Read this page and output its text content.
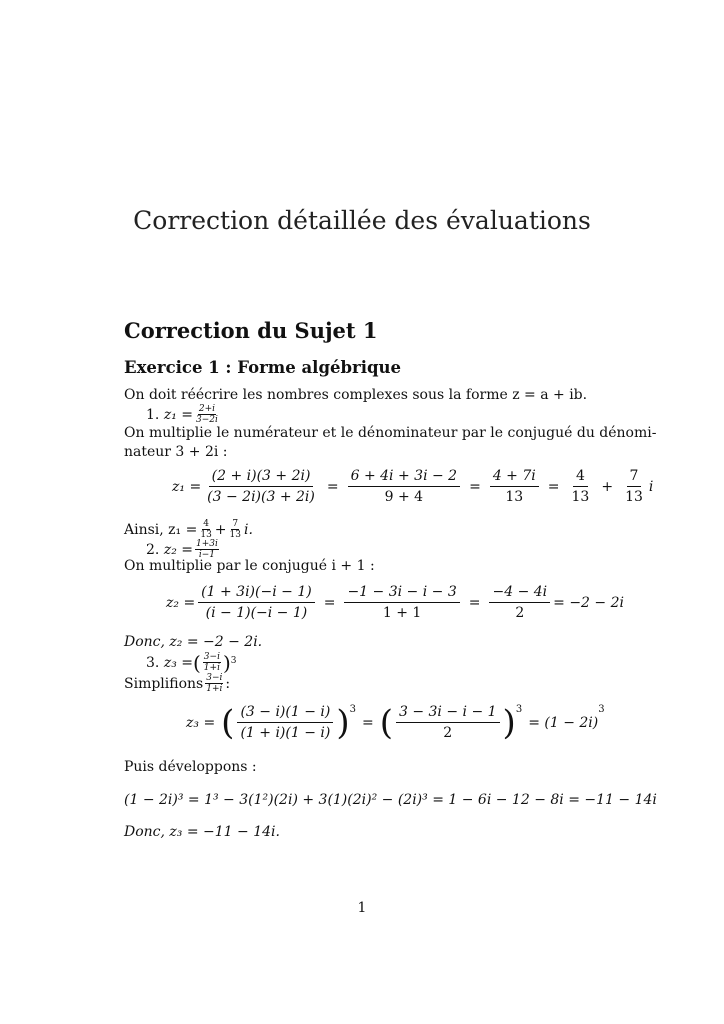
Correction détaillée des évaluations
Correction du Sujet 1
Exercice 1 : Forme algébrique
On doit réécrire les nombres complexes sous la forme z = a + ib.
1.
$z_1 = \frac{2+i}{3-2i}$
On multiplie le numérateur et le dénominateur par le conjugué du dénomi-
nateur 3 + 2i :
$z_1 = \frac{(2 + i)(3 + 2i)}{(3 - 2i)(3 + 2i)} = \frac{6 + 4i + 3i - 2}{9 + 4} = \frac{4 + 7i}{13} = \frac{4}{13} + \frac{7}{13}$ i
Ainsi, $z_1 = \frac{4}{13} + \frac{7}{13} i$.
2.
$z_2 = \frac{1+3i}{i-1}$
On multiplie par le conjugué i + 1 :
$z_2 = \frac{(1 + 3i)(-i - 1)}{(i - 1)(-i - 1)} = \frac{-1 - 3i - i - 3}{1 + 1} = \frac{-4 - 4i}{2} = -2 - 2i$
Donc, z₂ = −2 − 2i.
3.
z₃ = ( $\frac{3-i}{1+i}$ ) 3
Simplifions $\frac{3-i}{1+i}$ :
z₃ = ( $\frac{(3 - i)(1 - i)}{(1 + i)(1 - i)} )^3$
= ( $\frac{3 - 3i - i - 1}{2} )^3$
= (1 − 2i)
$^3$
Puis développons :
(1 − 2i)³ = 1³ − 3(1²)(2i) + 3(1)(2i)² − (2i)³ = 1 − 6i − 12 − 8i = −11 − 14i
Donc, z₃ = −11 − 14i.
1
